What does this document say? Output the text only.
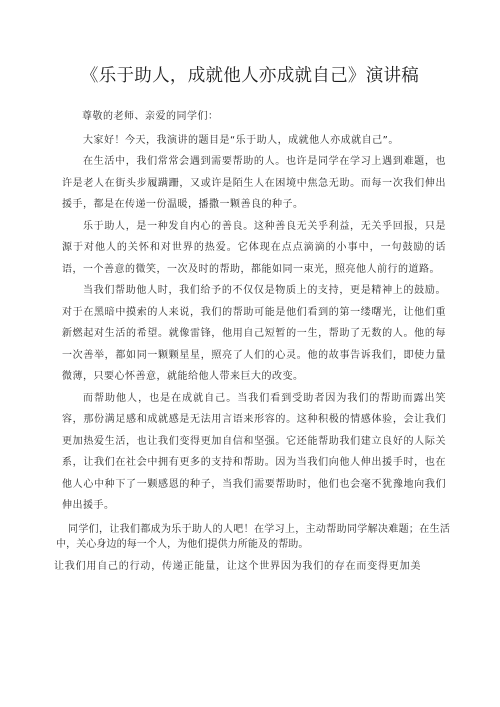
《乐于助人，成就他人亦成就自己》演讲稿

尊敬的老师、亲爱的同学们：

大家好！今天，我演讲的题目是“乐于助人，成就他人亦成就自己”。

在生活中，我们常常会遇到需要帮助的人。也许是同学在学习上遇到难题，也许是老人在街头步履蹒跚，又或许是陌生人在困境中焦急无助。而每一次我们伸出援手，都是在传递一份温暖，播撒一颗善良的种子。

乐于助人，是一种发自内心的善良。这种善良无关乎利益，无关乎回报，只是源于对他人的关怀和对世界的热爱。它体现在点点滴滴的小事中，一句鼓励的话语，一个善意的微笑，一次及时的帮助，都能如同一束光，照亮他人前行的道路。

当我们帮助他人时，我们给予的不仅仅是物质上的支持，更是精神上的鼓励。对于在黑暗中摸索的人来说，我们的帮助可能是他们看到的第一缕曙光，让他们重新燃起对生活的希望。就像雷锋，他用自己短暂的一生，帮助了无数的人。他的每一次善举，都如同一颗颗星星，照亮了人们的心灵。他的故事告诉我们，即使力量微薄，只要心怀善意，就能给他人带来巨大的改变。

而帮助他人，也是在成就自己。当我们看到受助者因为我们的帮助而露出笑容，那份满足感和成就感是无法用言语来形容的。这种积极的情感体验，会让我们更加热爱生活，也让我们变得更加自信和坚强。它还能帮助我们建立良好的人际关系，让我们在社会中拥有更多的支持和帮助。因为当我们向他人伸出援手时，也在他人心中种下了一颗感恩的种子，当我们需要帮助时，他们也会毫不犹豫地向我们伸出援手。

同学们，让我们都成为乐于助人的人吧！在学习上，主动帮助同学解决难题；在生活中，关心身边的每一个人，为他们提供力所能及的帮助。

让我们用自己的行动，传递正能量，让这个世界因为我们的存在而变得更加美
